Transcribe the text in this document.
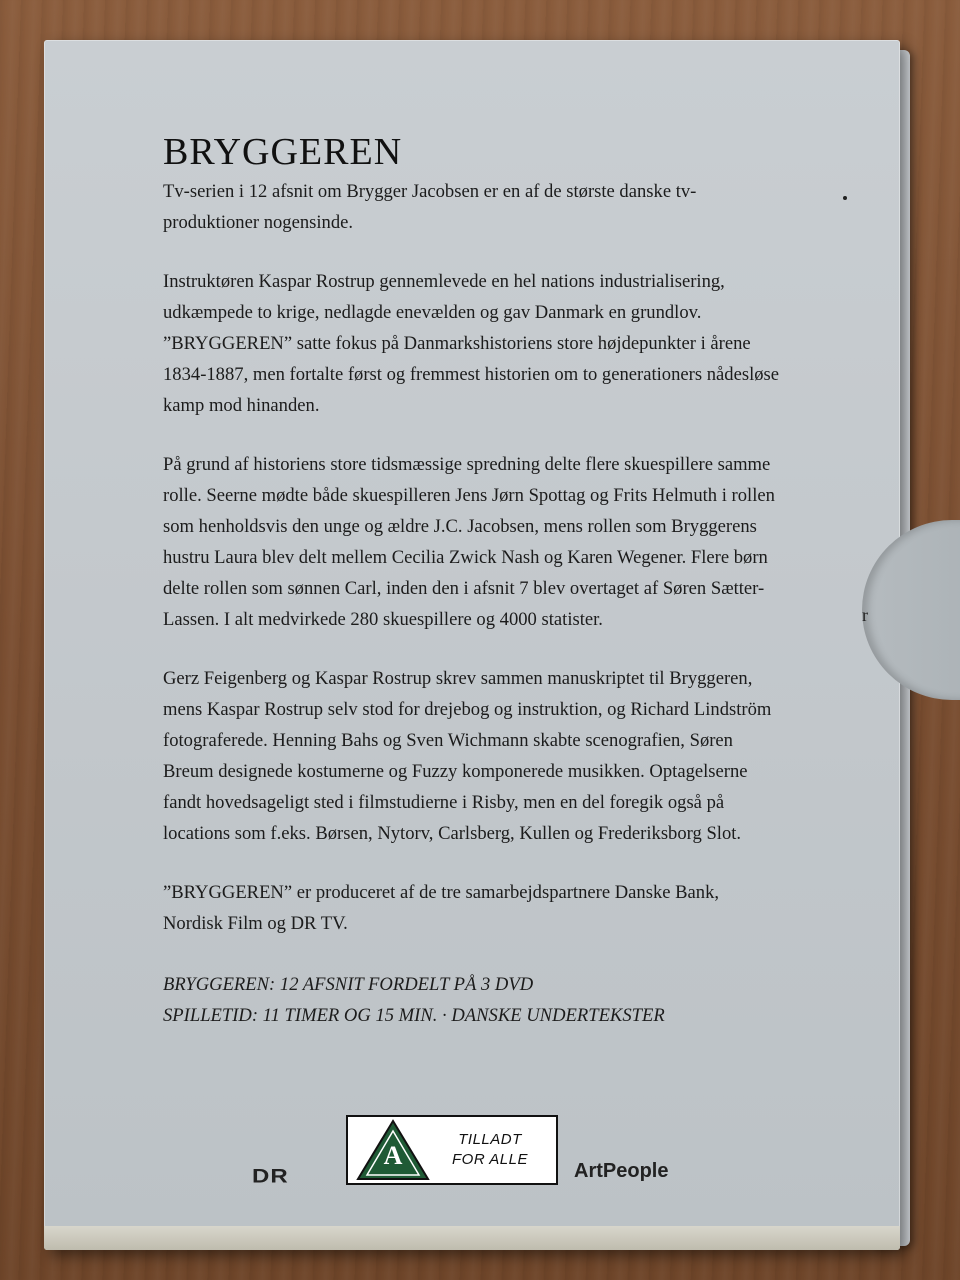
r
BRYGGEREN

Tv-serien i 12 afsnit om Brygger Jacobsen er en af de største danske tv-produktioner nogensinde.

Instruktøren Kaspar Rostrup gennemlevede en hel nations industrialisering, udkæmpede to krige, nedlagde enevælden og gav Danmark en grundlov. ”BRYGGEREN” satte fokus på Danmarkshistoriens store højdepunkter i årene 1834-1887, men fortalte først og fremmest historien om to generationers nådesløse kamp mod hinanden.

På grund af historiens store tidsmæssige spredning delte flere skuespillere samme rolle. Seerne mødte både skuespilleren Jens Jørn Spottag og Frits Helmuth i rollen som henholdsvis den unge og ældre J.C. Jacobsen, mens rollen som Bryggerens hustru Laura blev delt mellem Cecilia Zwick Nash og Karen Wegener. Flere børn delte rollen som sønnen Carl, inden den i afsnit 7 blev overtaget af Søren Sætter-Lassen. I alt medvirkede 280 skuespillere og 4000 statister.

Gerz Feigenberg og Kaspar Rostrup skrev sammen manuskriptet til Bryggeren, mens Kaspar Rostrup selv stod for drejebog og instruktion, og Richard Lindström fotograferede. Henning Bahs og Sven Wichmann skabte scenografien, Søren Breum designede kostumerne og Fuzzy komponerede musikken. Optagelserne fandt hovedsageligt sted i filmstudierne i Risby, men en del foregik også på locations som f.eks. Børsen, Nytorv, Carlsberg, Kullen og Frederiksborg Slot.

”BRYGGEREN” er produceret af de tre samarbejdspartnere Danske Bank, Nordisk Film og DR TV.

BRYGGEREN: 12 AFSNIT FORDELT PÅ 3 DVD
SPILLETID: 11 TIMER OG 15 MIN. · DANSKE UNDERTEKSTER
DR
A
TILLADT
FOR ALLE
ArtPeople
